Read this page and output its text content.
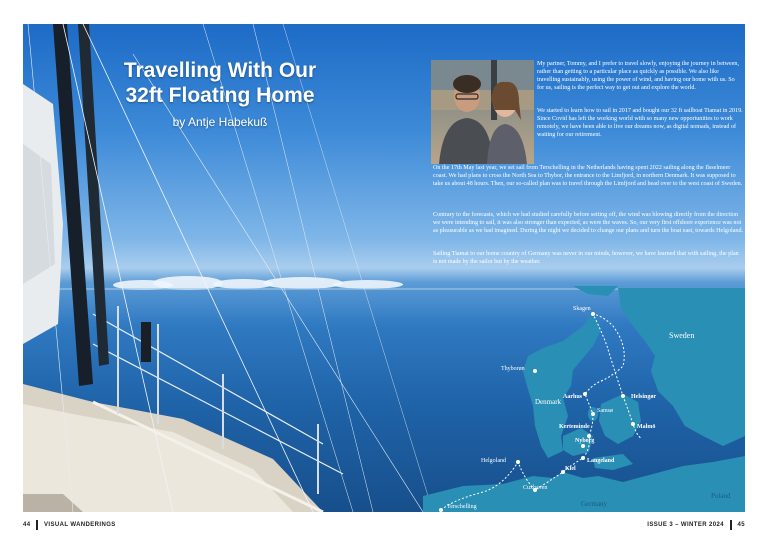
Travelling With Our
32ft Floating Home
by Antje Habekuß

My partner, Tommy, and I prefer to travel slowly, enjoying the journey in between, rather than getting to a particular place as quickly as possible. We also like travelling sustainably, using the power of wind, and having our home with us. So for us, sailing is the perfect way to get out and explore the world.

We started to learn how to sail in 2017 and bought our 32 ft sailboat Tiamat in 2019. Since Covid has left the working world with so many new opportunities to work remotely, we have been able to live our dreams now, as digital nomads, instead of waiting for our retirement.

On the 17th May last year, we set sail from Terschelling in the Netherlands having spent 2022 sailing along the Ilsselmeer coast. We had plans to cross the North Sea to Thybor, the entrance to the Limfjord, in northern Denmark. It was supposed to take us about 48 hours. Then, our so-called plan was to travel through the Limfjord and head over to the west coast of Sweden.

Contrary to the forecasts, which we had studied carefully before setting off, the wind was blowing directly from the direction we were intending to sail, it was also stronger than expected, as were the waves. So, our very first offshore experience was not as pleasurable as we had imagined. During the night we decided to change our plans and turn the boat east, towards Helgoland.

Sailing Tiamat to our home country of Germany was never in our minds, however, we have learned that with sailing, the plan is not made by the sailor but by the weather.

Sweden
Denmark
Germany
Poland
Skagen
Thyborøn
Aarhus
Samsø
Helsingør
Malmö
Kerteminde
Nyborg
Langeland
Kiel
Helgoland
Cuxhaven
Terschelling
44 VISUAL WANDERINGS	ISSUE 3 – WINTER 2024 45
